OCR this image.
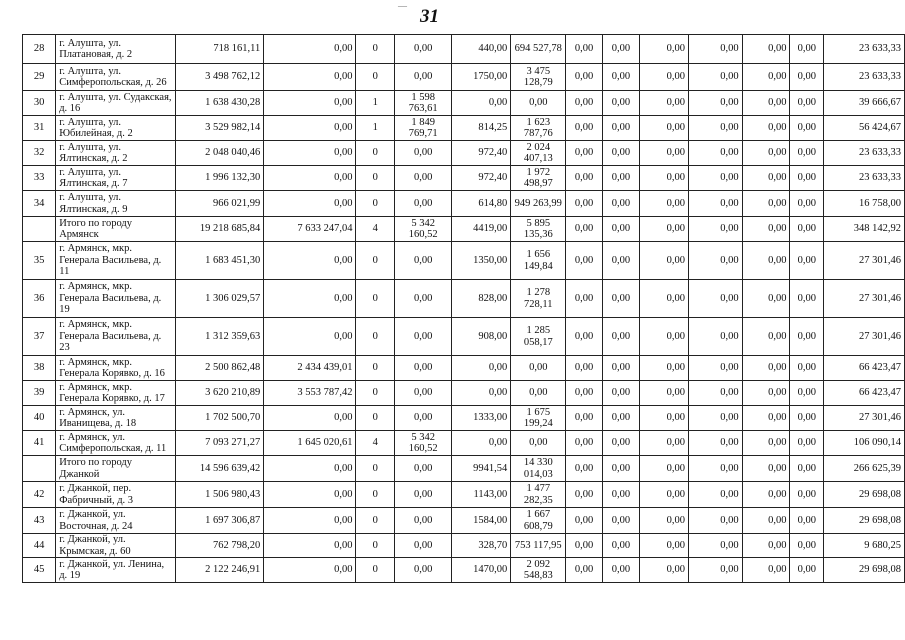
— 31
28	г. Алушта, ул. Платановая, д. 2	718 161,11	0,00	0	0,00	440,00	694 527,78	0,00	0,00	0,00	0,00	0,00	0,00	23 633,33
29	г. Алушта, ул. Симферопольская, д. 26	3 498 762,12	0,00	0	0,00	1750,00	3 475 128,79	0,00	0,00	0,00	0,00	0,00	0,00	23 633,33
30	г. Алушта, ул. Судакская, д. 16	1 638 430,28	0,00	1	1 598 763,61	0,00	0,00	0,00	0,00	0,00	0,00	0,00	0,00	39 666,67
31	г. Алушта, ул. Юбилейная, д. 2	3 529 982,14	0,00	1	1 849 769,71	814,25	1 623 787,76	0,00	0,00	0,00	0,00	0,00	0,00	56 424,67
32	г. Алушта, ул. Ялтинская, д. 2	2 048 040,46	0,00	0	0,00	972,40	2 024 407,13	0,00	0,00	0,00	0,00	0,00	0,00	23 633,33
33	г. Алушта, ул. Ялтинская, д. 7	1 996 132,30	0,00	0	0,00	972,40	1 972 498,97	0,00	0,00	0,00	0,00	0,00	0,00	23 633,33
34	г. Алушта, ул. Ялтинская, д. 9	966 021,99	0,00	0	0,00	614,80	949 263,99	0,00	0,00	0,00	0,00	0,00	0,00	16 758,00
	Итого по городу Армянск	19 218 685,84	7 633 247,04	4	5 342 160,52	4419,00	5 895 135,36	0,00	0,00	0,00	0,00	0,00	0,00	348 142,92
35	г. Армянск, мкр. Генерала Васильева, д. 11	1 683 451,30	0,00	0	0,00	1350,00	1 656 149,84	0,00	0,00	0,00	0,00	0,00	0,00	27 301,46
36	г. Армянск, мкр. Генерала Васильева, д. 19	1 306 029,57	0,00	0	0,00	828,00	1 278 728,11	0,00	0,00	0,00	0,00	0,00	0,00	27 301,46
37	г. Армянск, мкр. Генерала Васильева, д. 23	1 312 359,63	0,00	0	0,00	908,00	1 285 058,17	0,00	0,00	0,00	0,00	0,00	0,00	27 301,46
38	г. Армянск, мкр. Генерала Корявко, д. 16	2 500 862,48	2 434 439,01	0	0,00	0,00	0,00	0,00	0,00	0,00	0,00	0,00	0,00	66 423,47
39	г. Армянск, мкр. Генерала Корявко, д. 17	3 620 210,89	3 553 787,42	0	0,00	0,00	0,00	0,00	0,00	0,00	0,00	0,00	0,00	66 423,47
40	г. Армянск, ул. Иванищева, д. 18	1 702 500,70	0,00	0	0,00	1333,00	1 675 199,24	0,00	0,00	0,00	0,00	0,00	0,00	27 301,46
41	г. Армянск, ул. Симферопольская, д. 11	7 093 271,27	1 645 020,61	4	5 342 160,52	0,00	0,00	0,00	0,00	0,00	0,00	0,00	0,00	106 090,14
	Итого по городу Джанкой	14 596 639,42	0,00	0	0,00	9941,54	14 330 014,03	0,00	0,00	0,00	0,00	0,00	0,00	266 625,39
42	г. Джанкой, пер. Фабричный, д. 3	1 506 980,43	0,00	0	0,00	1143,00	1 477 282,35	0,00	0,00	0,00	0,00	0,00	0,00	29 698,08
43	г. Джанкой, ул. Восточная, д. 24	1 697 306,87	0,00	0	0,00	1584,00	1 667 608,79	0,00	0,00	0,00	0,00	0,00	0,00	29 698,08
44	г. Джанкой, ул. Крымская, д. 60	762 798,20	0,00	0	0,00	328,70	753 117,95	0,00	0,00	0,00	0,00	0,00	0,00	9 680,25
45	г. Джанкой, ул. Ленина, д. 19	2 122 246,91	0,00	0	0,00	1470,00	2 092 548,83	0,00	0,00	0,00	0,00	0,00	0,00	29 698,08
